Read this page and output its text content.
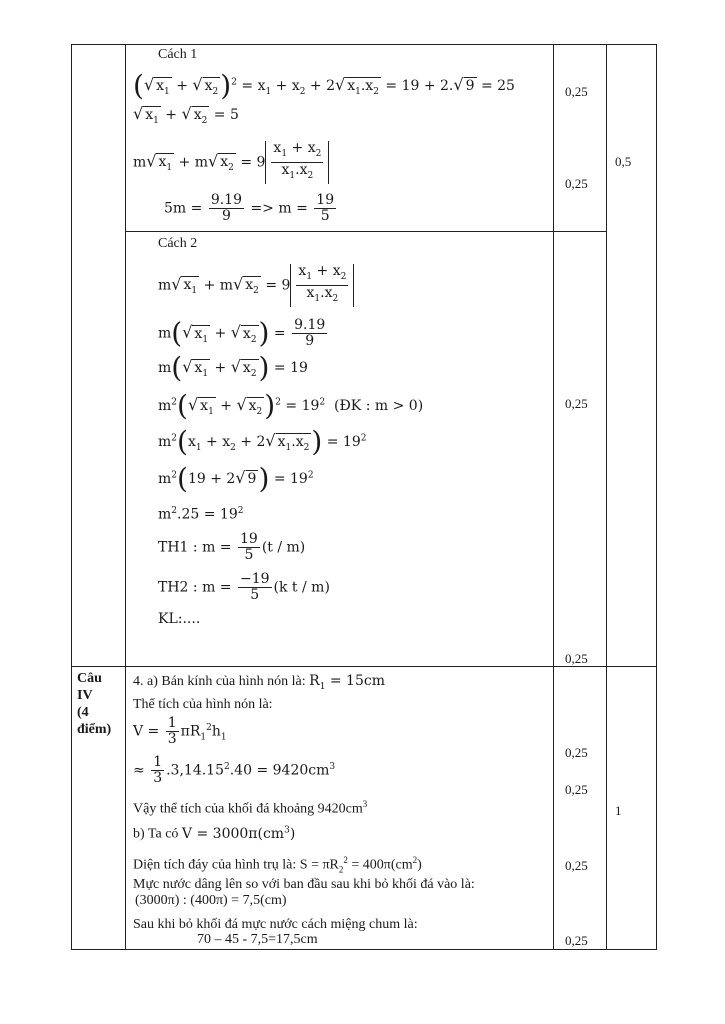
Cách 1
(√ $x_1$ + √ $x_2)^2 = x_1 + x_2 + 2√$ $x_1.x_2 = 19 + 2.√$ 9 = 25
√ $x_1$ + √ $x_2 = 5$
m√ $x_1 + m√$ $x_2 = 9 \frac{x_1 + x_2}{x_1.x_2}$
$5m = \frac{9.19}{9} => m = \frac{19}{5}$
0,25
0,25
0,5
Cách 2
m√ $x_1 + m√$ $x_2 = 9 \frac{x_1 + x_2}{x_1.x_2}$
m(√ $x_1$ + √ $x_2) = \frac{9.19}{9}$
m(√ $x_1$ + √ $x_2) = 19$
$m^2(√$ $x_1$ + √ $x_2)^2 = 19^2$ (ĐK : m > 0)
$m^2(x_1 + x_2 + 2√$ $x_1.x_2) = 19^2$
$m^2(19 + 2√$ $9) = 19^2$
$m^2.25 = 19^2$
TH1 : $m = \frac{19}{5} (t / m)$
TH2 : $m = \frac{-19}{5} (k$ t / m)
KL:....
0,25
0,25
Câu
IV
(4
điểm)
4. a) Bán kính của hình nón là: $R_1 = 15cm$
Thể tích của hình nón là:
$V = \frac{1}{3} \pi R_1^2h_1$
≈ $\frac{1}{3} .3,14.15^2.40 = 9420cm^3$
Vậy thể tích của khối đá khoảng $9420cm^3$
b) Ta có $V = 3000\pi(cm^3)$
Diện tích đáy của hình trụ là: $S = \pi R_2^2 = 400\pi(cm^2)$
Mực nước dâng lên so với ban đầu sau khi bỏ khối đá vào là:
(3000π) : (400π) = 7,5(cm)
Sau khi bỏ khối đá mực nước cách miệng chum là:
70 – 45 - 7,5=17,5cm
0,25
0,25
0,25
0,25
1
